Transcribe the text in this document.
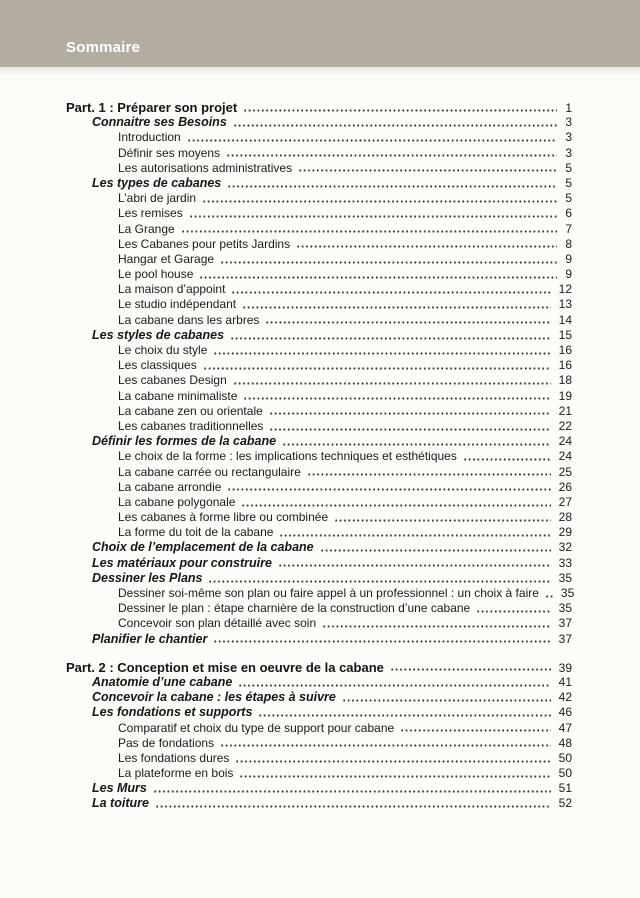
Sommaire
Part. 1 : Préparer son projet	1
Connaitre ses Besoins	3
Introduction	3
Définir ses moyens	3
Les autorisations administratives	5
Les types de cabanes	5
L’abri de jardin	5
Les remises	6
La Grange	7
Les Cabanes pour petits Jardins	8
Hangar et Garage	9
Le pool house	9
La maison d’appoint	12
Le studio indépendant	13
La cabane dans les arbres	14
Les styles de cabanes	15
Le choix du style	16
Les classiques	16
Les cabanes Design	18
La cabane minimaliste	19
La cabane zen ou orientale	21
Les cabanes traditionnelles	22
Définir les formes de la cabane	24
Le choix de la forme : les implications techniques et esthétiques	24
La cabane carrée ou rectangulaire	25
La cabane arrondie	26
La cabane polygonale	27
Les cabanes à forme libre ou combinée	28
La forme du toit de la cabane	29
Choix de l’emplacement de la cabane	32
Les matériaux pour construire	33
Dessiner les Plans	35
Dessiner soi-même son plan ou faire appel à un professionnel : un choix à faire 35
Dessiner le plan : étape charnière de la construction d’une cabane	35
Concevoir son plan détaillé avec soin	37
Planifier le chantier	37
Part. 2 : Conception et mise en oeuvre de la cabane	39
Anatomie d’une cabane	41
Concevoir la cabane : les étapes à suivre	42
Les fondations et supports	46
Comparatif et choix du type de support pour cabane	47
Pas de fondations	48
Les fondations dures	50
La plateforme en bois	50
Les Murs	51
La toiture	52
